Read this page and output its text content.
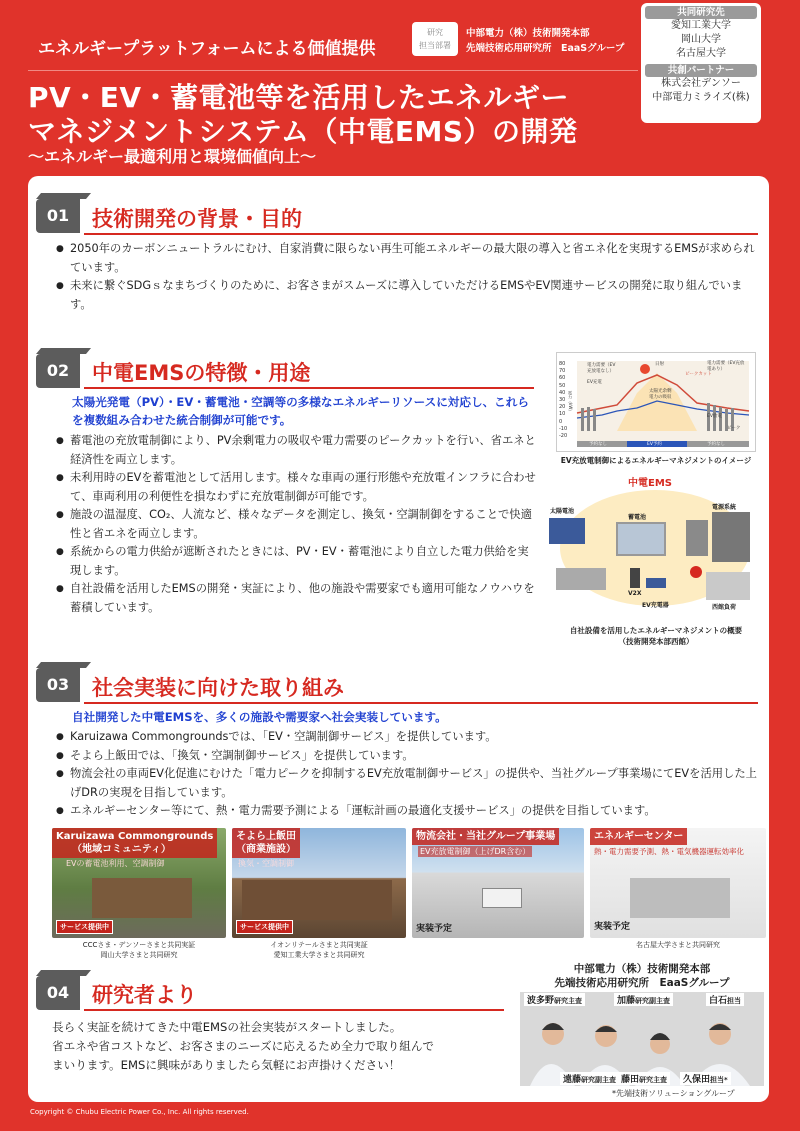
エネルギープラットフォームによる価値提供
研究
担当部署
中部電力（株）技術開発本部
先端技術応用研究所　EaaSグループ
共同研究先
愛知工業大学
岡山大学
名古屋大学
共創パートナー
株式会社デンソー
中部電力ミライズ(株)
PV・EV・蓄電池等を活用したエネルギー
マネジメントシステム（中電EMS）の開発
～エネルギー最適利用と環境価値向上～
01	技術開発の背景・目的
● 2050年のカーボンニュートラルにむけ、自家消費に限らない再生可能エネルギーの最大限の導入と省エネ化を実現するEMSが求められています。
● 未来に繋ぐSDGｓなまちづくりのために、お客さまがスムーズに導入していただけるEMSやEV関連サービスの開発に取り組んでいます。
02	中電EMSの特徴・用途
太陽光発電（PV）・EV・蓄電池・空調等の多様なエネルギーリソースに対応し、これらを複数組み合わせた統合制御が可能です。
● 蓄電池の充放電制御により、PV余剰電力の吸収や電力需要のピークカットを行い、省エネと経済性を両立します。
● 未利用時のEVを蓄電池として活用します。様々な車両の運行形態や充放電インフラに合わせて、車両利用の利便性を損なわずに充放電制御が可能です。
● 施設の温湿度、CO₂、人流など、様々なデータを測定し、換気・空調制御をすることで快適性と省エネを両立します。
● 系統からの電力供給が遮断されたときには、PV・EV・蓄電池により自立した電力供給を実現します。
● 自社設備を活用したEMSの開発・実証により、他の施設や需要家でも適用可能なノウハウを蓄積しています。
80
70
60
50
40
30
20
10
0
-10
-20
電力（kW）
電力需要（EV充放電なし）
EV充電
日射
ピークカット
電力需要（EV充放電あり）
太陽光余剰電力の吸収
EV放電
ピーク
予約なし	EV予約	予約なし
EV充放電制御によるエネルギーマネジメントのイメージ
中電EMS
太陽電池
電源系統
蓄電池
V2X
EV充電器	西館負荷
自社設備を活用したエネルギーマネジメントの概要
（技術開発本部西館）
03	社会実装に向けた取り組み
自社開発した中電EMSを、多くの施設や需要家へ社会実装しています。
● Karuizawa Commongroundsでは、「EV・空調制御サービス」を提供しています。
● そよら上飯田では、「換気・空調制御サービス」を提供しています。
● 物流会社の車両EV化促進にむけた「電力ピークを抑制するEV充放電制御サービス」の提供や、当社グループ事業場にてEVを活用した上げDRの実現を目指しています。
● エネルギーセンター等にて、熱・電力需要予測による「運転計画の最適化支援サービス」の提供を目指しています。
Karuizawa Commongrounds
（地域コミュニティ）
EVの蓄電池利用、空調制御
サービス提供中
CCCさま・デンソーさまと共同実証
岡山大学さまと共同研究
そよら上飯田
（商業施設）
換気・空調制御
サービス提供中
イオンリテールさまと共同実証
愛知工業大学さまと共同研究
物流会社・当社グループ事業場
EV充放電制御（上げDR含む）
実装予定
エネルギーセンター
熱・電力需要予測、熱・電気機器運転効率化
実装予定
名古屋大学さまと共同研究
04	研究者より
長らく実証を続けてきた中電EMSの社会実装がスタートしました。
省エネや省コストなど、お客さまのニーズに応えるため全力で取り組んで
まいります。EMSに興味がありましたら気軽にお声掛けください！
中部電力（株）技術開発本部
先端技術応用研究所　EaaSグループ
波多野研究主査	加藤研究副主査	白石担当
遠藤研究副主査 藤田研究主査	久保田担当*
*先端技術ソリューショングループ
Copyright © Chubu Electric Power Co., Inc. All rights reserved.
